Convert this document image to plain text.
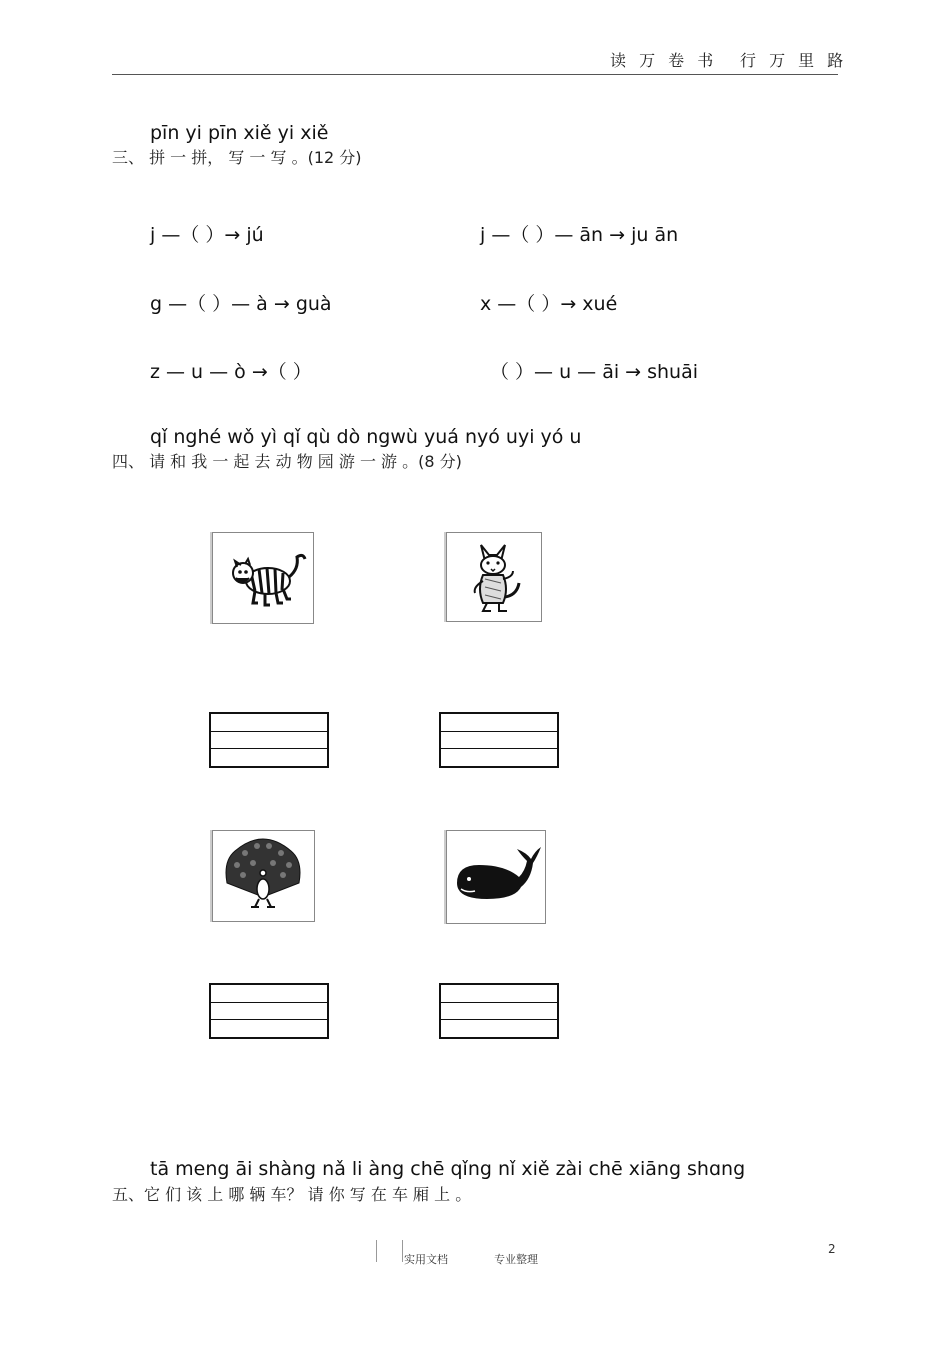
读 万 卷 书 行 万 里 路
pīn yi pīn xiě yi xiě
三、 拼 一 拼， 写 一 写 。(12 分)
j —（ ）→ jú	j —（ ）— ān → ju ān
g —（ ）— à → guà	x —（ ）→ xué
z — u — ò →（ ）	（ ）— u — āi → shuāi
qǐ nghé wǒ yì qǐ qù dò ngwù yuá nyó uyi yó u
四、 请 和 我 一 起 去 动 物 园 游 一 游 。(8 分)
tā meng āi shàng nǎ li àng chē qǐng nǐ xiě zài chē xiāng shɑng
五、它 们 该 上 哪 辆 车？ 请 你 写 在 车 厢 上 。
实用文档	专业整理
2
